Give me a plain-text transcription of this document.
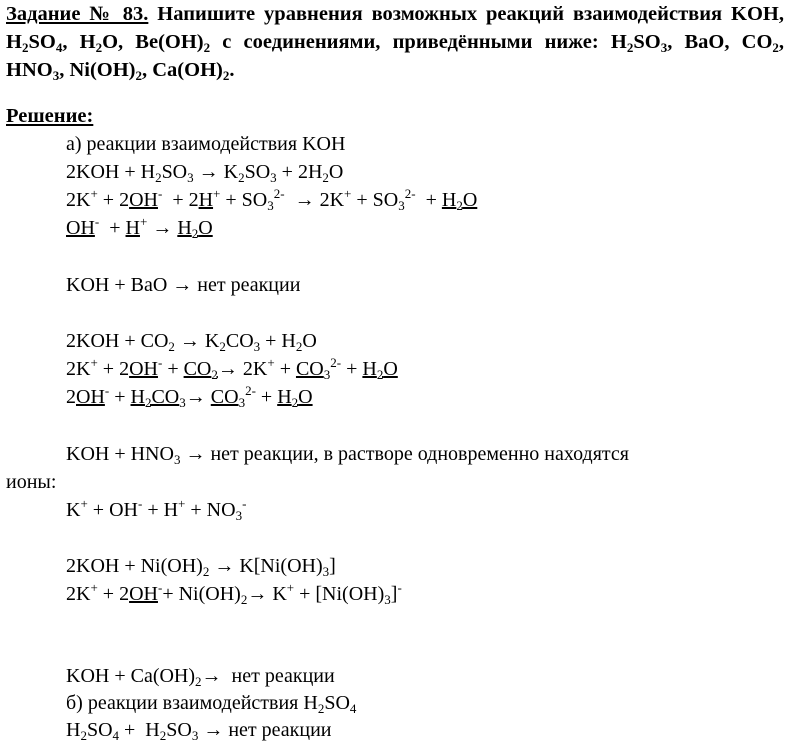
Задание № 83. Напишите уравнения возможных реакций взаимодействия KOH, $H_2SO_4$, $H_2O$, $Be(OH)_2$ с соединениями, приведёнными ниже: $H_2SO_3$, BaO, $CO_2$, $HNO_3$, $Ni(OH)_2$, $Ca(OH)_2$.
Решение:
а) реакции взаимодействия KOH
$2KOH + H_2SO_3 \to K_2SO_3 + 2H_2O$
$2K^+ + 2OH^- + 2H^+ + SO_3^{2-} \to 2K^+ + SO_3^{2-} + H_2O$
$OH^- + H^+ \to H_2O$
KOH + BaO → нет реакции
$2KOH + CO_2 \to K_2CO_3 + H_2O$
$2K^+ + 2OH^- + CO_2\to 2K^+ + CO_3^{2-} + H_2O$
$2OH^- + H_2CO_3\to CO_3^{2-} + H_2O$
KOH + $HNO_3$ → нет реакции, в растворе одновременно находятся
ионы:
$K^+ + OH^- + H^+ + NO_3^-$
$2KOH + Ni(OH)_2 \to K[Ni(OH)_3]$
$2K^+ + 2OH^-+ Ni(OH)_2\to K^+ + [Ni(OH)_3]^-$
KOH + $Ca(OH)_2\to$  нет реакции
б) реакции взаимодействия $H_2SO_4$
$H_2SO_4 + H_2SO_3$ → нет реакции
